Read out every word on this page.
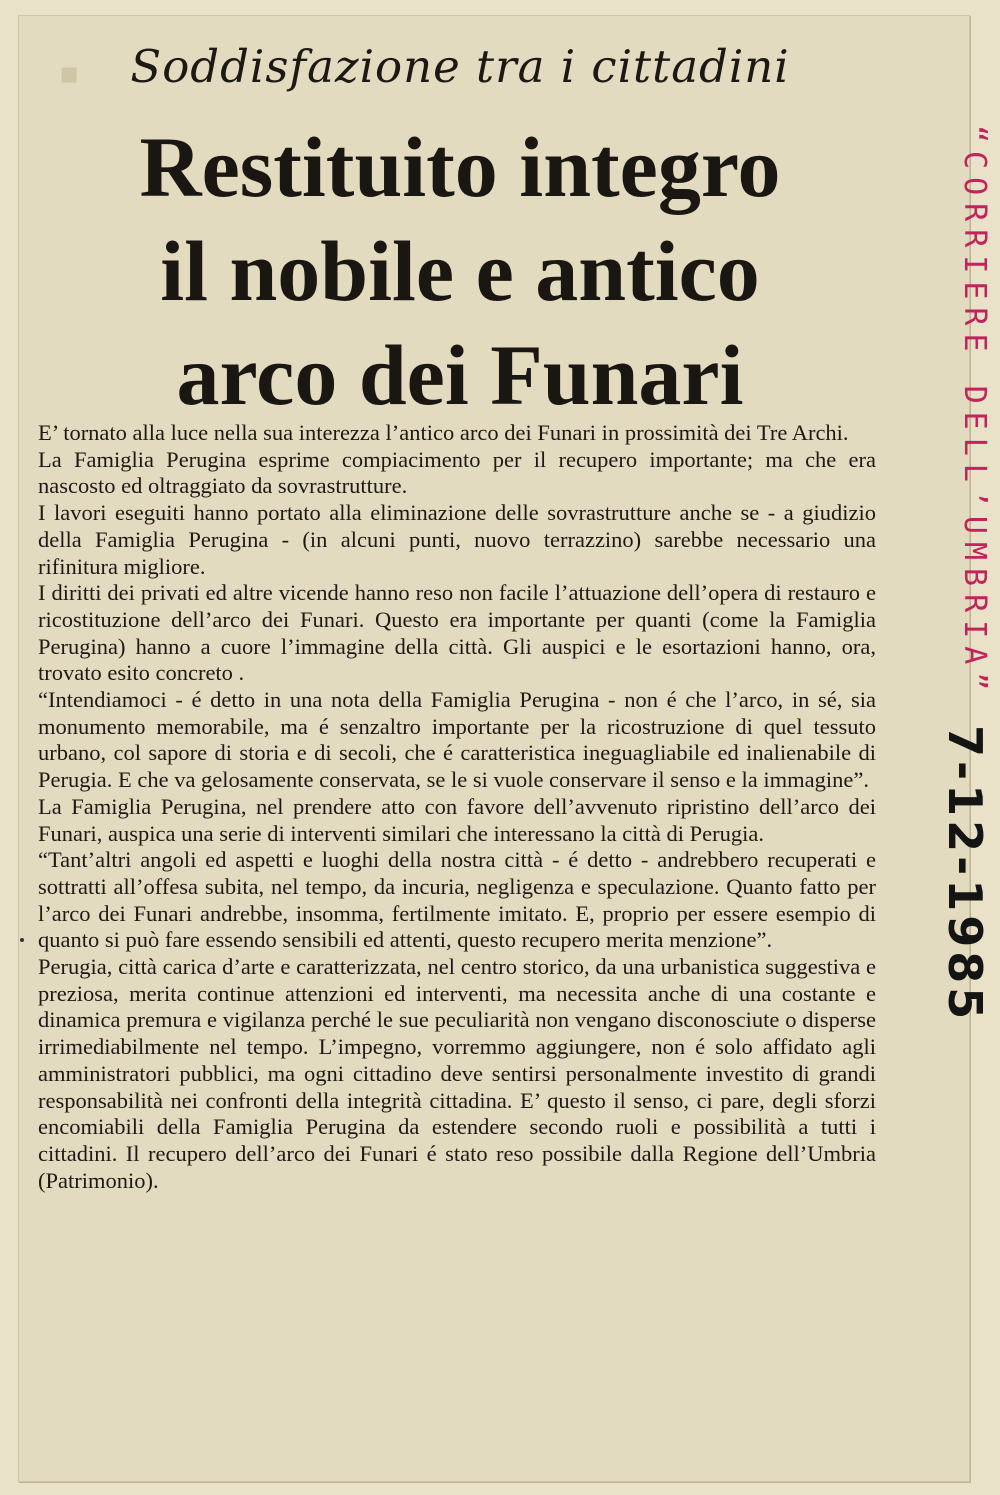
▪	Soddisfazione tra i cittadini
Restituito integro
il nobile e antico
arco dei Funari

E’ tornato alla luce nella sua interezza l’antico arco dei Funari in prossimità dei Tre Archi.

La Famiglia Perugina esprime compiacimento per il recupero importante; ma che era nascosto ed oltraggiato da sovrastrutture.

I lavori eseguiti hanno portato alla eliminazione delle sovrastrutture anche se - a giudizio della Famiglia Perugina - (in alcuni punti, nuovo terrazzino) sarebbe necessario una rifinitura migliore.

I diritti dei privati ed altre vicende hanno reso non facile l’attuazione dell’opera di restauro e ricostituzione dell’arco dei Funari. Questo era importante per quanti (come la Famiglia Perugina) hanno a cuore l’immagine della città. Gli auspici e le esortazioni hanno, ora, trovato esito concreto .

“Intendiamoci - é detto in una nota della Famiglia Perugina - non é che l’arco, in sé, sia monumento memorabile, ma é senzaltro importante per la ricostruzione di quel tessuto urbano, col sapore di storia e di secoli, che é caratteristica ineguagliabile ed inalienabile di Perugia. E che va gelosamente conservata, se le si vuole conservare il senso e la immagine”.

La Famiglia Perugina, nel prendere atto con favore dell’avvenuto ripristino dell’arco dei Funari, auspica una serie di interventi similari che interessano la città di Perugia.

“Tant’altri angoli ed aspetti e luoghi della nostra città - é detto - andrebbero recuperati e sottratti all’offesa subita, nel tempo, da incuria, negligenza e speculazione. Quanto fatto per l’arco dei Funari andrebbe, insomma, fertilmente imitato. E, proprio per essere esempio di quanto si può fare essendo sensibili ed attenti, questo recupero merita menzione”.

Perugia, città carica d’arte e caratterizzata, nel centro storico, da una urbanistica suggestiva e preziosa, merita continue attenzioni ed interventi, ma necessita anche di una costante e dinamica premura e vigilanza perché le sue peculiarità non vengano disconosciute o disperse irrimediabilmente nel tempo. L’impegno, vorremmo aggiungere, non é solo affidato agli amministratori pubblici, ma ogni cittadino deve sentirsi personalmente investito di grandi responsabilità nei confronti della integrità cittadina. E’ questo il senso, ci pare, degli sforzi encomiabili della Famiglia Perugina da estendere secondo ruoli e possibilità a tutti i cittadini. Il recupero dell’arco dei Funari é stato reso possibile dalla Regione dell’Umbria (Patrimonio).

“CORRIERE DELL’UMBRIA”
7-12-1985
